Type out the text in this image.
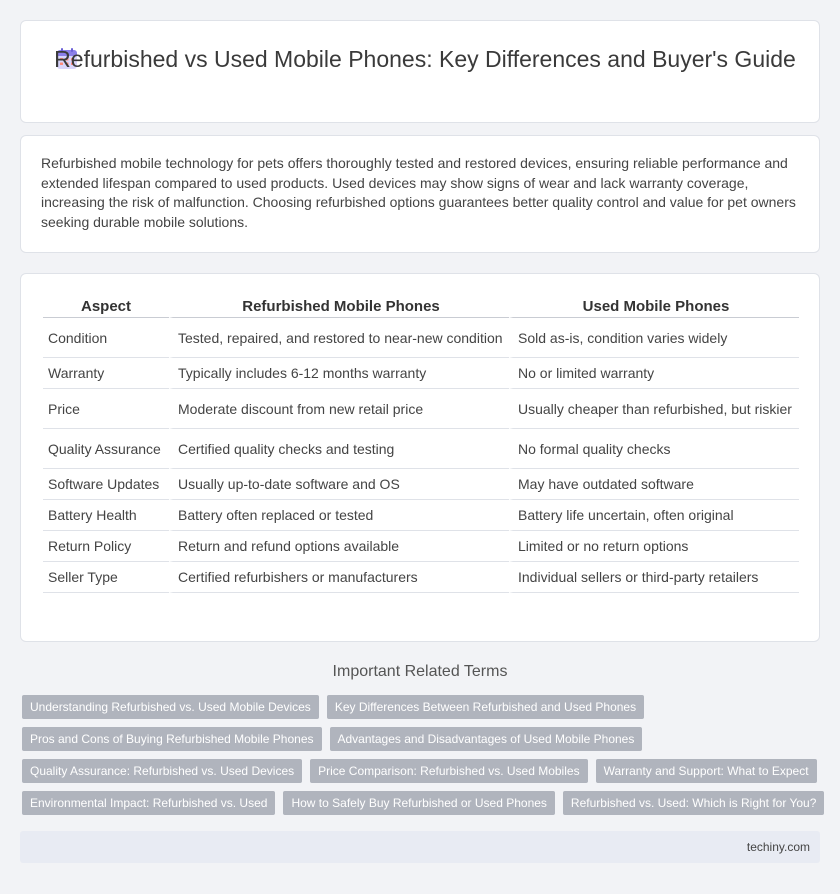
Refurbished vs Used Mobile Phones: Key Differences and Buyer's Guide

Refurbished mobile technology for pets offers thoroughly tested and restored devices, ensuring reliable performance and extended lifespan compared to used products. Used devices may show signs of wear and lack warranty coverage, increasing the risk of malfunction. Choosing refurbished options guarantees better quality control and value for pet owners seeking durable mobile solutions.

Aspect	Refurbished Mobile Phones	Used Mobile Phones
Condition	Tested, repaired, and restored to near-new condition	Sold as-is, condition varies widely
Warranty	Typically includes 6-12 months warranty	No or limited warranty
Price	Moderate discount from new retail price	Usually cheaper than refurbished, but riskier
Quality Assurance	Certified quality checks and testing	No formal quality checks
Software Updates	Usually up-to-date software and OS	May have outdated software
Battery Health	Battery often replaced or tested	Battery life uncertain, often original
Return Policy	Return and refund options available	Limited or no return options
Seller Type	Certified refurbishers or manufacturers	Individual sellers or third-party retailers
Important Related Terms
Understanding Refurbished vs. Used Mobile Devices	Key Differences Between Refurbished and Used Phones
Pros and Cons of Buying Refurbished Mobile Phones	Advantages and Disadvantages of Used Mobile Phones
Quality Assurance: Refurbished vs. Used Devices	Price Comparison: Refurbished vs. Used Mobiles	Warranty and Support: What to Expect
Environmental Impact: Refurbished vs. Used	How to Safely Buy Refurbished or Used Phones	Refurbished vs. Used: Which is Right for You?
techiny.com
